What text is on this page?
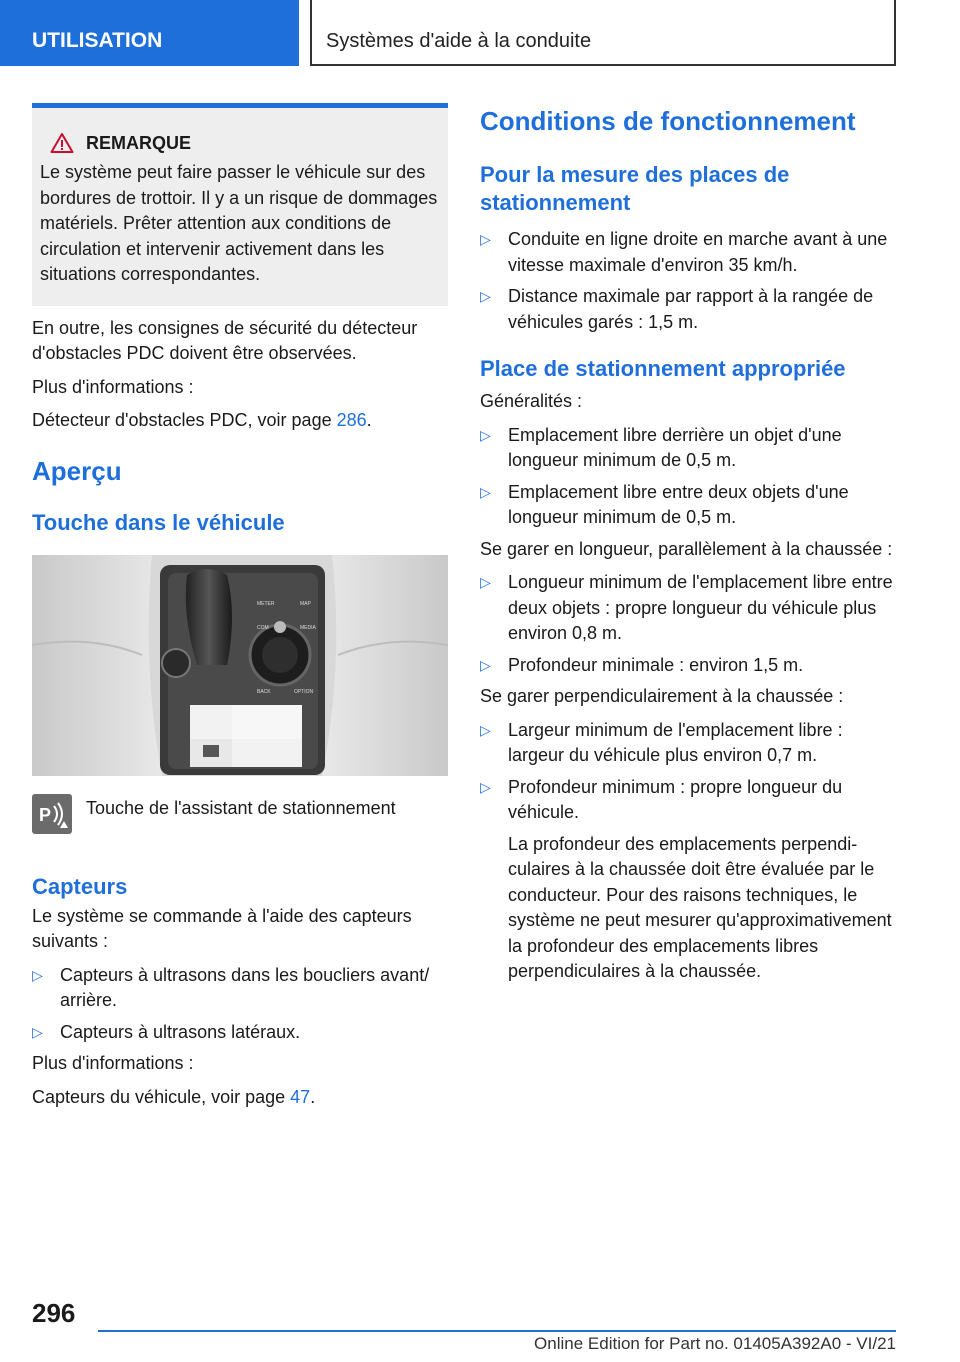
UTILISATION	Systèmes d'aide à la conduite
REMARQUE

Le système peut faire passer le véhicule sur des bordures de trottoir. Il y a un risque de dommages matériels. Prêter attention aux conditions de circulation et intervenir activement dans les situations correspondantes.

En outre, les consignes de sécurité du détecteur d'obstacles PDC doivent être observées.

Plus d'informations :

Détecteur d'obstacles PDC, voir page 286.

Aperçu
Touche dans le véhicule
METER	MAP
COM	MEDIA
BACK	OPTION
P Touche de l'assistant de stationnement
Capteurs

Le système se commande à l'aide des capteurs suivants :

▷ Capteurs à ultrasons dans les boucliers avant/ arrière.
▷ Capteurs à ultrasons latéraux.

Plus d'informations :

Capteurs du véhicule, voir page 47.

Conditions de fonctionnement
Pour la mesure des places de stationnement
▷ Conduite en ligne droite en marche avant à une vitesse maximale d'environ 35 km/h.
▷ Distance maximale par rapport à la rangée de véhicules garés : 1,5 m.
Place de stationnement appropriée

Généralités :

▷ Emplacement libre derrière un objet d'une longueur minimum de 0,5 m.
▷ Emplacement libre entre deux objets d'une longueur minimum de 0,5 m.

Se garer en longueur, parallèlement à la chaussée :

▷ Longueur minimum de l'emplacement libre entre deux objets : propre longueur du véhicule plus environ 0,8 m.
▷ Profondeur minimale : environ 1,5 m.

Se garer perpendiculairement à la chaussée :

▷ Largeur minimum de l'emplacement libre : largeur du véhicule plus environ 0,7 m.
▷ Profondeur minimum : propre longueur du véhicule.

La profondeur des emplacements perpendiculaires à la chaussée doit être évaluée par le conducteur. Pour des raisons techniques, le système ne peut mesurer qu'approximativement la profondeur des emplacements libres perpendiculaires à la chaussée.

296
Online Edition for Part no. 01405A392A0 - VI/21
